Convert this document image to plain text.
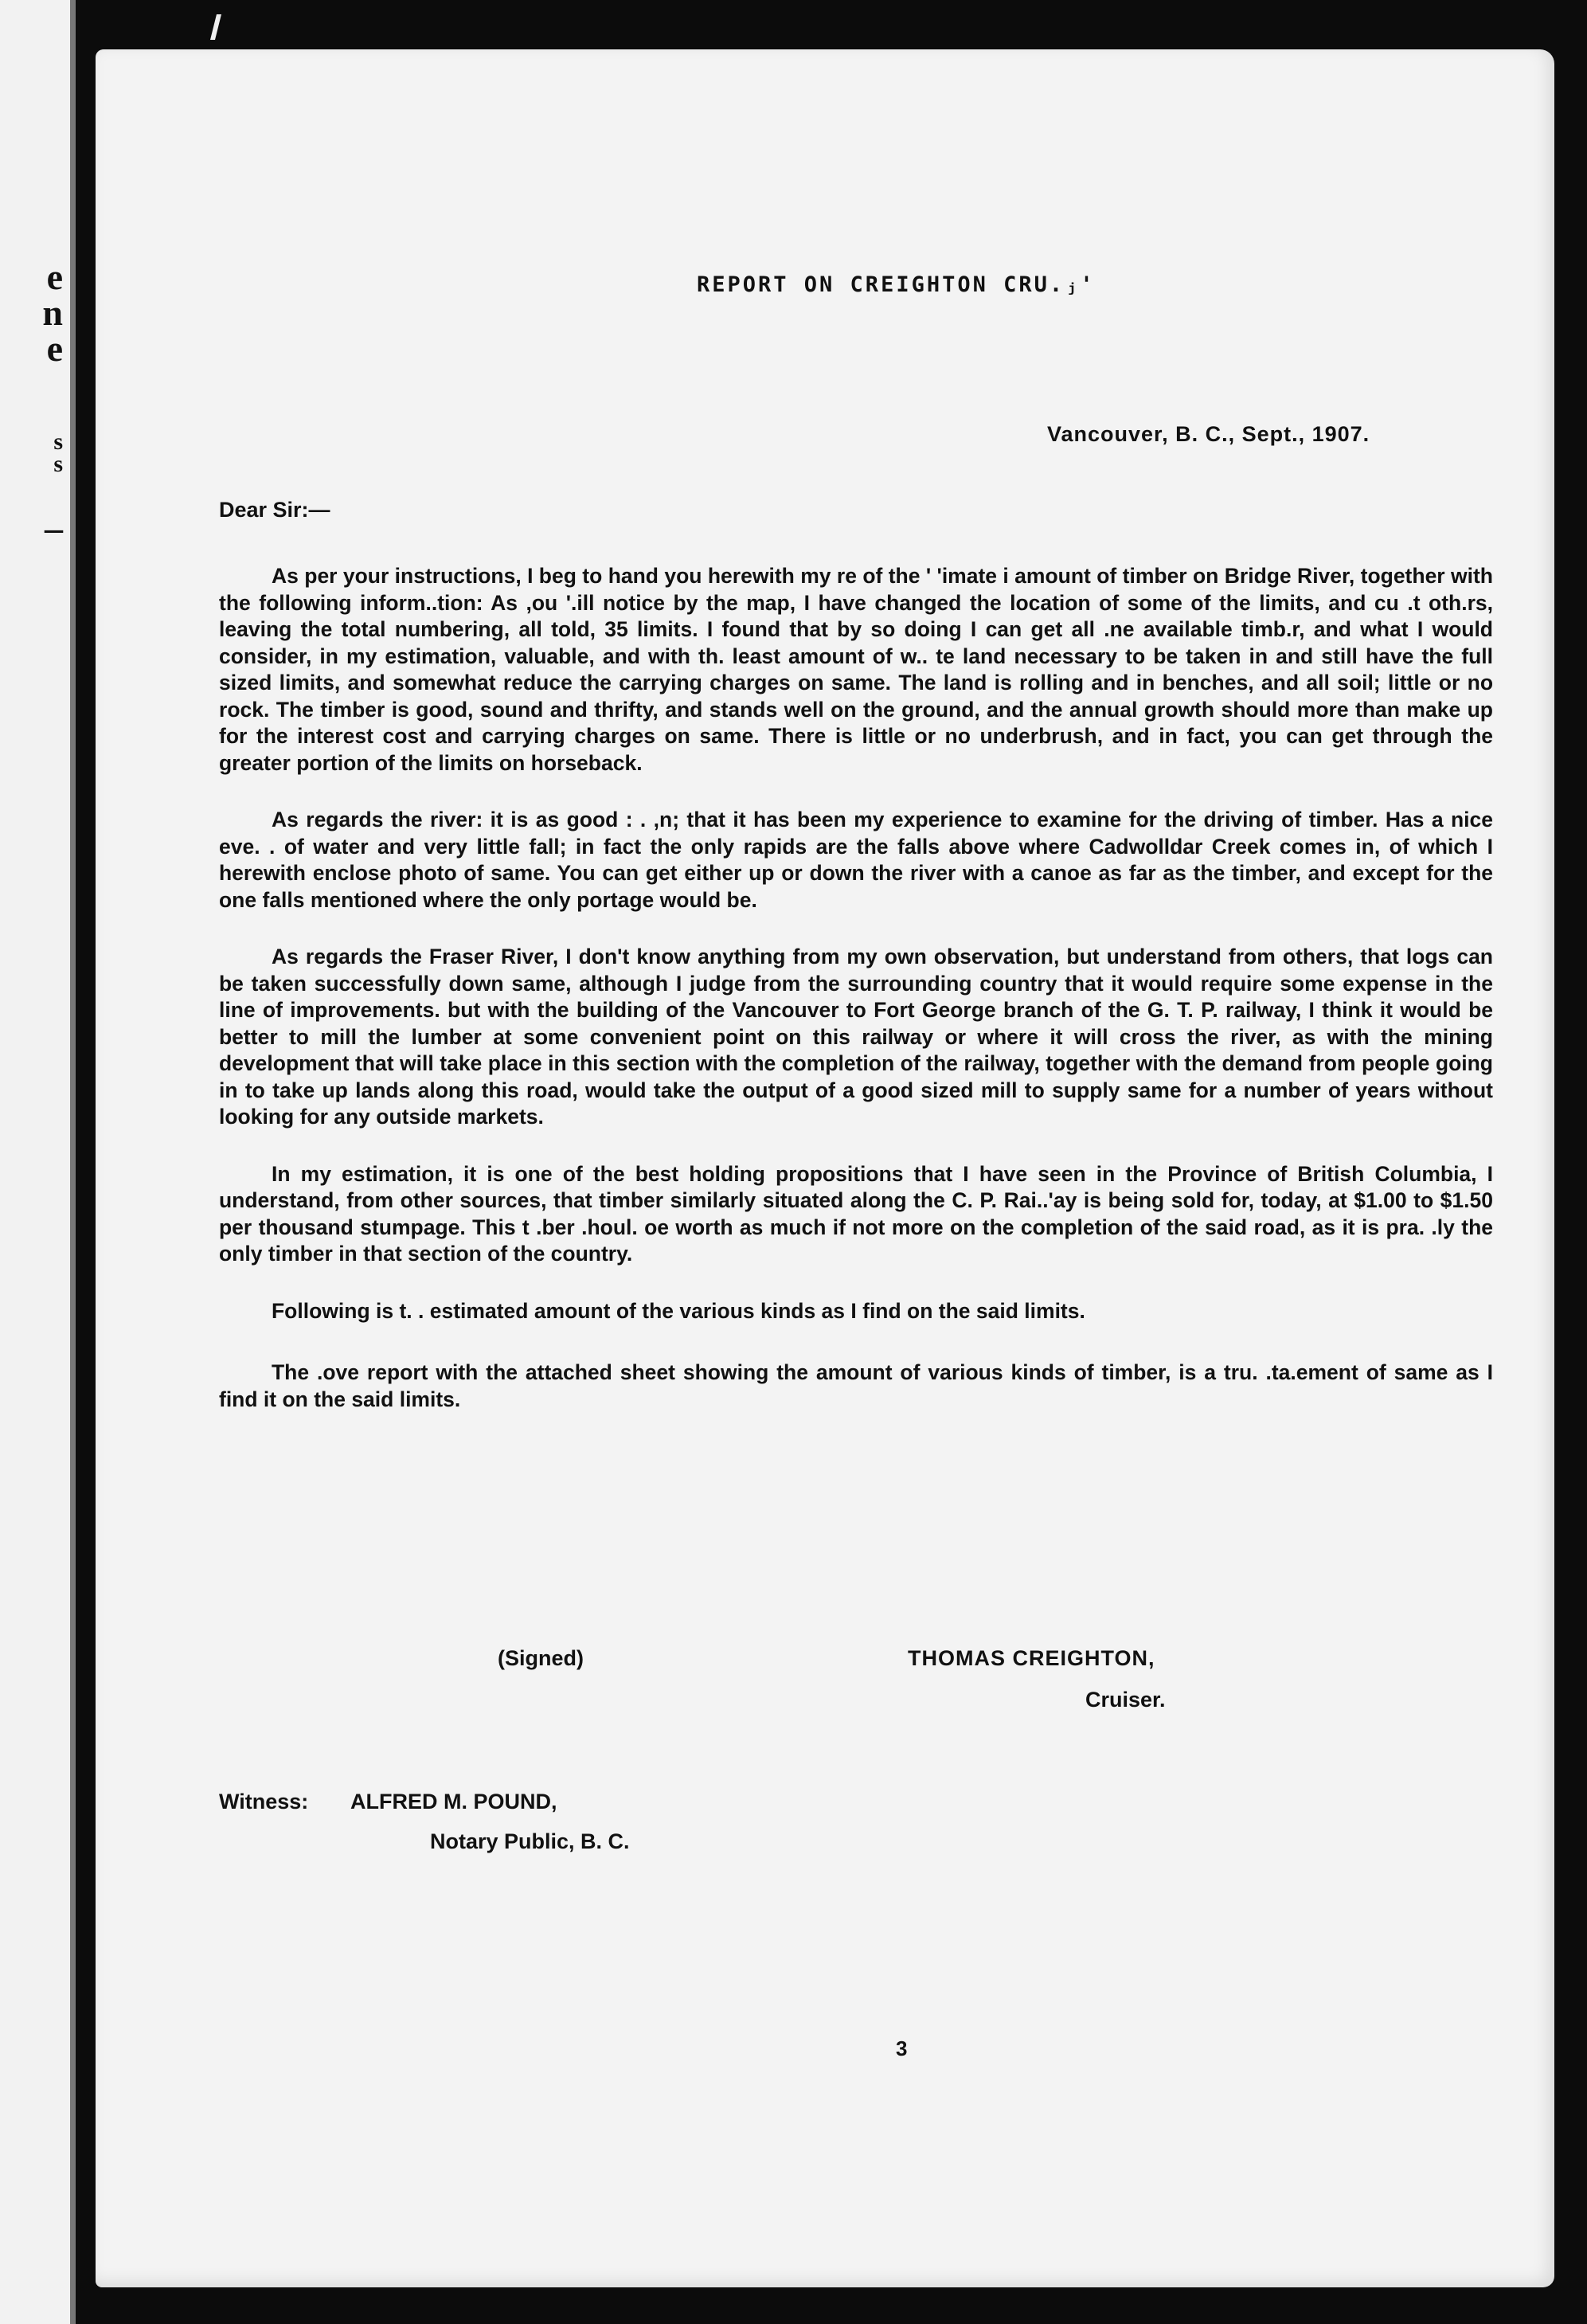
e
n
e
s
s
–
REPORT ON CREIGHTON CRU.ⱼ'
Vancouver, B. C., Sept., 1907.
Dear Sir:—

As per your instructions, I beg to hand you herewith my re of the ' 'imate i amount of timber on Bridge River, together with the following inform..tion: As ,ou '.ill notice by the map, I have changed the location of some of the limits, and cu .t oth.rs, leaving the total numbering, all told, 35 limits. I found that by so doing I can get all .ne available timb.r, and what I would consider, in my estimation, valuable, and with th. least amount of w.. te land necessary to be taken in and still have the full sized limits, and somewhat reduce the carrying charges on same. The land is rolling and in benches, and all soil; little or no rock. The timber is good, sound and thrifty, and stands well on the ground, and the annual growth should more than make up for the interest cost and carrying charges on same. There is little or no underbrush, and in fact, you can get through the greater portion of the limits on horseback.

As regards the river: it is as good : . ,n; that it has been my experience to examine for the driving of timber. Has a nice eve. . of water and very little fall; in fact the only rapids are the falls above where Cadwolldar Creek comes in, of which I herewith enclose photo of same. You can get either up or down the river with a canoe as far as the timber, and except for the one falls mentioned where the only portage would be.

As regards the Fraser River, I don't know anything from my own observation, but understand from others, that logs can be taken successfully down same, although I judge from the surrounding country that it would require some expense in the line of improvements. but with the building of the Vancouver to Fort George branch of the G. T. P. railway, I think it would be better to mill the lumber at some convenient point on this railway or where it will cross the river, as with the mining development that will take place in this section with the completion of the railway, together with the demand from people going in to take up lands along this road, would take the output of a good sized mill to supply same for a number of years without looking for any outside markets.

In my estimation, it is one of the best holding propositions that I have seen in the Province of British Columbia, I understand, from other sources, that timber similarly situated along the C. P. Rai..'ay is being sold for, today, at $1.00 to $1.50 per thousand stumpage. This t .ber .houl. oe worth as much if not more on the completion of the said road, as it is pra. .ly the only timber in that section of the country.

Following is t. . estimated amount of the various kinds as I find on the said limits.

The .ove report with the attached sheet showing the amount of various kinds of timber, is a tru. .ta.ement of same as I find it on the said limits.

(Signed)	THOMAS CREIGHTON,
Cruiser.
Witness: ALFRED M. POUND,
Notary Public, B. C.
3
